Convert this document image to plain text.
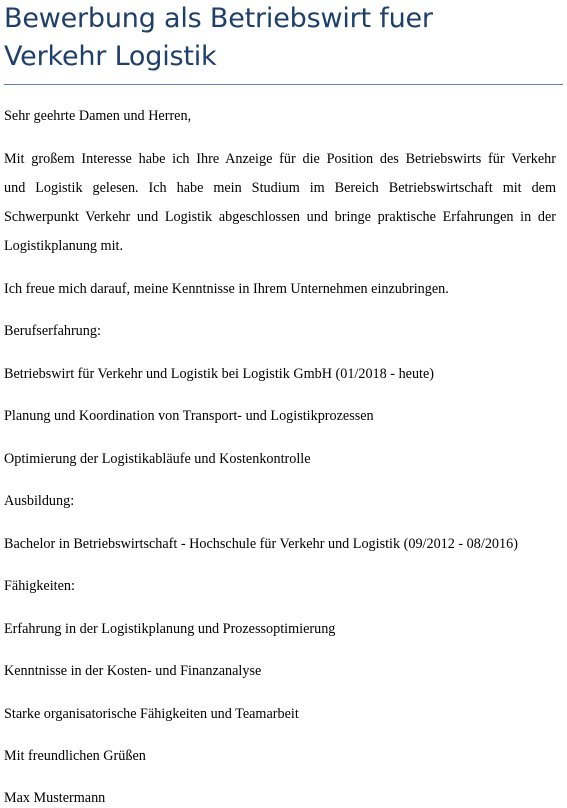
Bewerbung als Betriebswirt fuer
Verkehr Logistik

Sehr geehrte Damen und Herren,

Mit großem Interesse habe ich Ihre Anzeige für die Position des Betriebswirts für Verkehr
und Logistik gelesen. Ich habe mein Studium im Bereich Betriebswirtschaft mit dem
Schwerpunkt Verkehr und Logistik abgeschlossen und bringe praktische Erfahrungen in der
Logistikplanung mit.

Ich freue mich darauf, meine Kenntnisse in Ihrem Unternehmen einzubringen.

Berufserfahrung:

Betriebswirt für Verkehr und Logistik bei Logistik GmbH (01/2018 - heute)

Planung und Koordination von Transport- und Logistikprozessen

Optimierung der Logistikabläufe und Kostenkontrolle

Ausbildung:

Bachelor in Betriebswirtschaft - Hochschule für Verkehr und Logistik (09/2012 - 08/2016)

Fähigkeiten:

Erfahrung in der Logistikplanung und Prozessoptimierung

Kenntnisse in der Kosten- und Finanzanalyse

Starke organisatorische Fähigkeiten und Teamarbeit

Mit freundlichen Grüßen

Max Mustermann
